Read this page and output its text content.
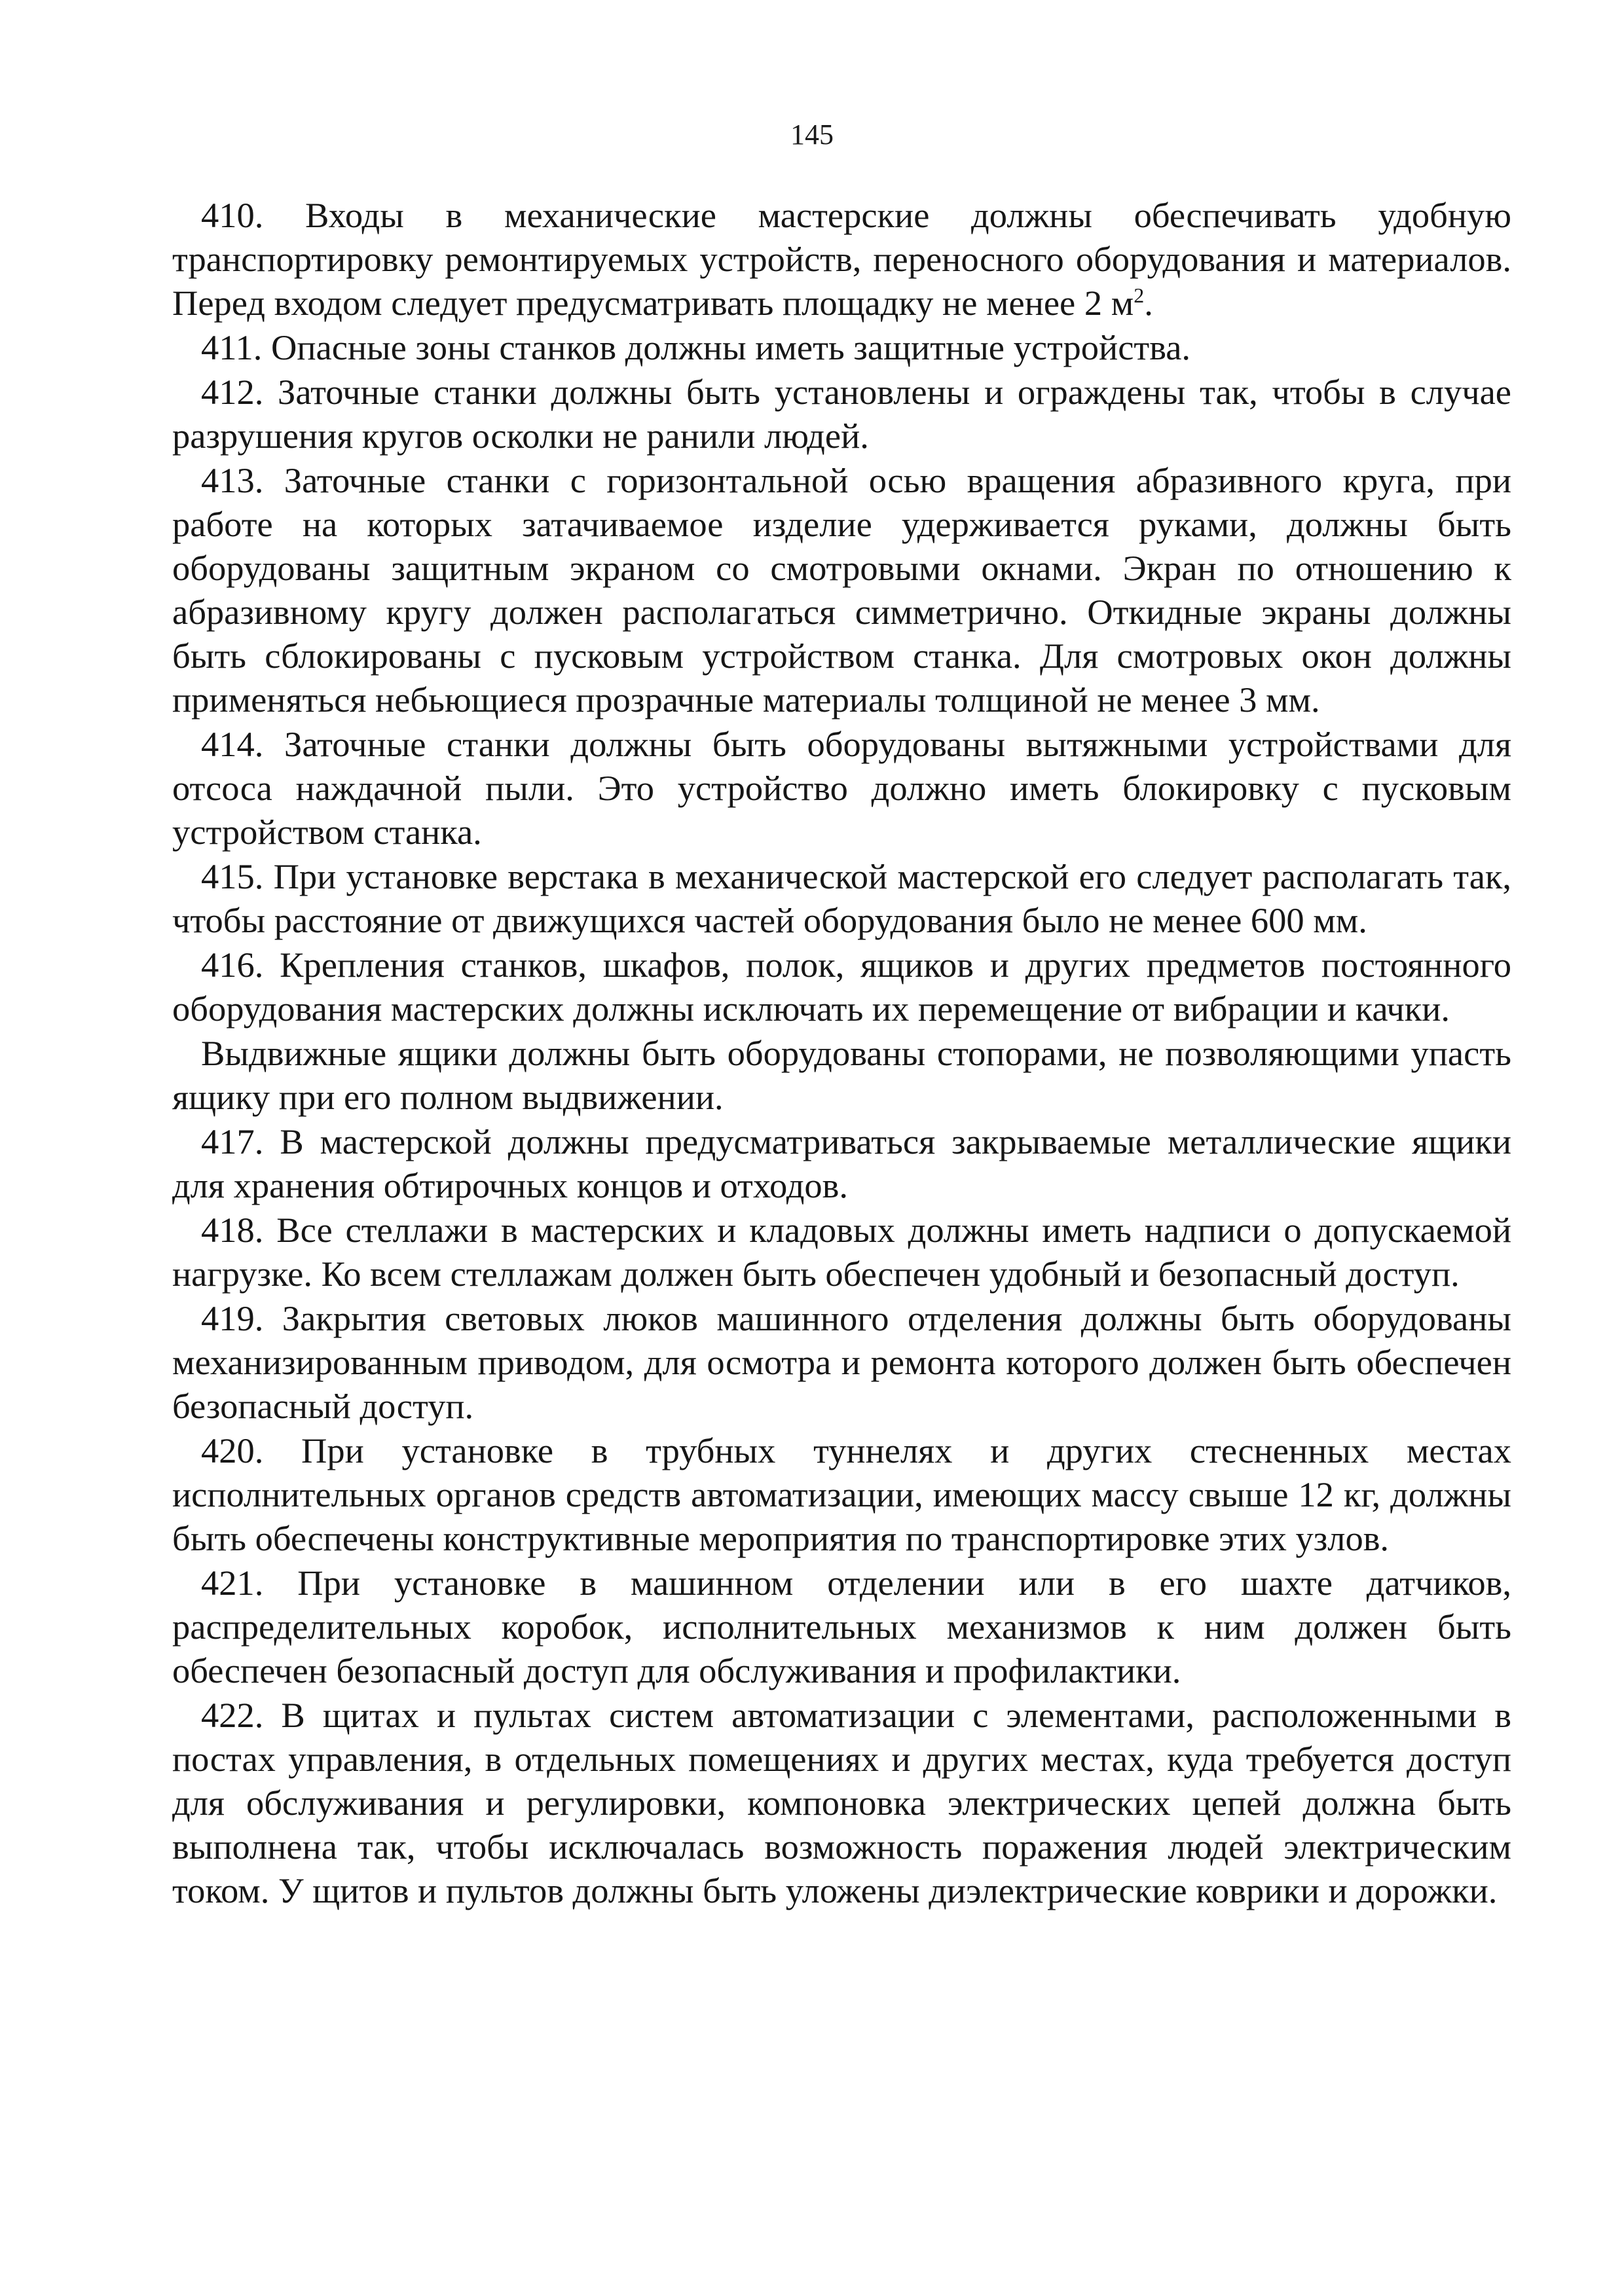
145

410. Входы в механические мастерские должны обеспечивать удобную транспортировку ремонтируемых устройств, переносного оборудования и материалов. Перед входом следует предусматривать площадку не менее 2 $м^2$.

411. Опасные зоны станков должны иметь защитные устройства.

412. Заточные станки должны быть установлены и ограждены так, чтобы в случае разрушения кругов осколки не ранили людей.

413. Заточные станки с горизонтальной осью вращения абразивного круга, при работе на которых затачиваемое изделие удерживается руками, должны быть оборудованы защитным экраном со смотровыми окнами. Экран по отношению к абразивному кругу должен располагаться симметрично. Откидные экраны должны быть сблокированы с пусковым устройством станка. Для смотровых окон должны применяться небьющиеся прозрачные материалы толщиной не менее 3 мм.

414. Заточные станки должны быть оборудованы вытяжными устройствами для отсоса наждачной пыли. Это устройство должно иметь блокировку с пусковым устройством станка.

415. При установке верстака в механической мастерской его следует располагать так, чтобы расстояние от движущихся частей оборудования было не менее 600 мм.

416. Крепления станков, шкафов, полок, ящиков и других предметов постоянного оборудования мастерских должны исключать их перемещение от вибрации и качки.

Выдвижные ящики должны быть оборудованы стопорами, не позволяющими упасть ящику при его полном выдвижении.

417. В мастерской должны предусматриваться закрываемые металлические ящики для хранения обтирочных концов и отходов.

418. Все стеллажи в мастерских и кладовых должны иметь надписи о допускаемой нагрузке. Ко всем стеллажам должен быть обеспечен удобный и безопасный доступ.

419. Закрытия световых люков машинного отделения должны быть оборудованы механизированным приводом, для осмотра и ремонта которого должен быть обеспечен безопасный доступ.

420. При установке в трубных туннелях и других стесненных местах исполнительных органов средств автоматизации, имеющих массу свыше 12 кг, должны быть обеспечены конструктивные мероприятия по транспортировке этих узлов.

421. При установке в машинном отделении или в его шахте датчиков, распределительных коробок, исполнительных механизмов к ним должен быть обеспечен безопасный доступ для обслуживания и профилактики.

422. В щитах и пультах систем автоматизации с элементами, расположенными в постах управления, в отдельных помещениях и других местах, куда требуется доступ для обслуживания и регулировки, компоновка электрических цепей должна быть выполнена так, чтобы исключалась возможность поражения людей электрическим током. У щитов и пультов должны быть уложены диэлектрические коврики и дорожки.
